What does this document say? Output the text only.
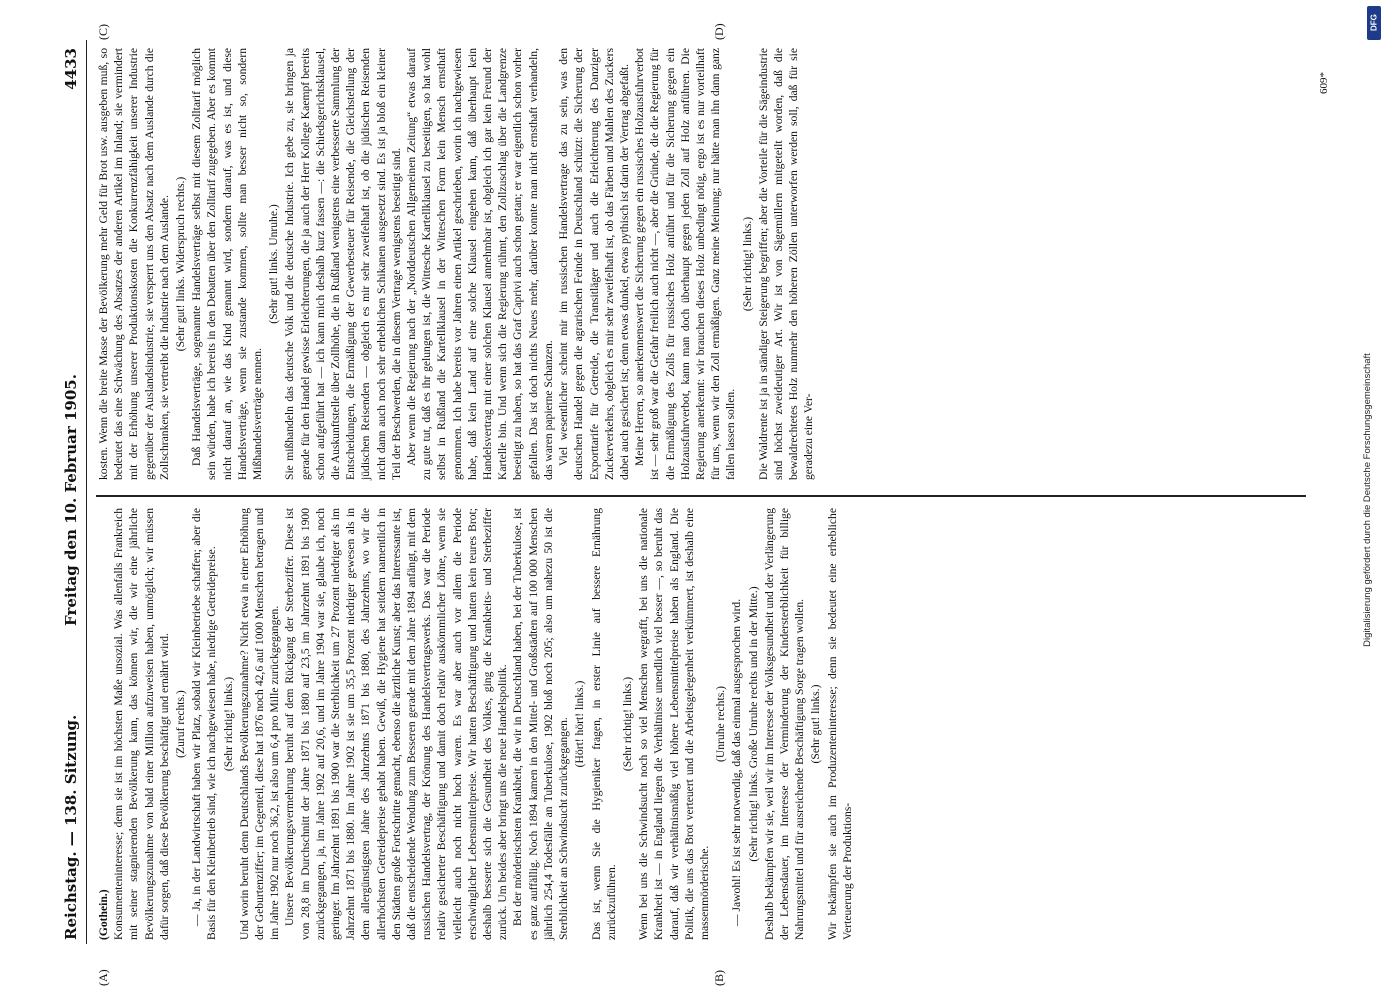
Reichstag. — 138. Sitzung.
Freitag den 10. Februar 1905.
4433
(A)	(B)
(C)	(D)

(Gothein.) Konsumenteninteresse; denn sie ist im höchsten Maße unsozial. Was allenfalls Frankreich mit seiner stagnierenden Bevölkerung kann, das können wir, die wir eine jährliche Bevölkerungszunahme von bald einer Million aufzuweisen haben, unmöglich; wir müssen dafür sorgen, daß diese Bevölkerung beschäftigt und ernährt wird. (Zuruf rechts.) — Ja, in der Landwirtschaft haben wir Platz, sobald wir Kleinbetriebe schaffen; aber die Basis für den Kleinbetrieb sind, wie ich nachgewiesen habe, niedrige Getreidepreise. (Sehr richtig! links.) Und worin beruht denn Deutschlands Bevölkerungszunahme? Nicht etwa in einer Erhöhung der Geburtenziffer; im Gegenteil, diese hat 1876 noch 42,6 auf 1000 Menschen betragen und im Jahre 1902 nur noch 36,2, ist also um 6,4 pro Mille zurückgegangen. Unsere Bevölkerungsvermehrung beruht auf dem Rückgang der Sterbeziffer. Diese ist von 28,8 im Durchschnitt der Jahre 1871 bis 1880 auf 23,5 im Jahrzehnt 1891 bis 1900 zurückgegangen, ja, im Jahre 1902 auf 20,6, und im Jahre 1904 war sie, glaube ich, noch geringer. Im Jahrzehnt 1891 bis 1900 war die Sterblichkeit um 27 Prozent niedriger als im Jahrzehnt 1871 bis 1880. Im Jahre 1902 ist sie um 35,5 Prozent niedriger gewesen als in dem allergünstigsten Jahre des Jahrzehnts 1871 bis 1880, des Jahrzehnts, wo wir die allerhöchsten Getreidepreise gehabt haben. Gewiß, die Hygiene hat seitdem namentlich in den Städten große Fortschritte gemacht, ebenso die ärztliche Kunst; aber das Interessante ist, daß die entscheidende Wendung zum Besseren gerade mit dem Jahre 1894 anfängt, mit dem russischen Handelsvertrag, der Krönung des Handelsvertragswerks. Das war die Periode relativ gesicherter Beschäftigung und damit doch relativ auskömmlicher Löhne, wenn sie vielleicht auch noch nicht hoch waren. Es war aber auch vor allem die Periode erschwinglicher Lebensmittelpreise. Wir hatten Beschäftigung und hatten kein teures Brot; deshalb besserte sich die Gesundheit des Volkes, ging die Krankheits- und Sterbeziffer zurück. Um beides aber bringt uns die neue Handelspolitik. Bei der mörderischsten Krankheit, die wir in Deutschland haben, bei der Tuberkulose, ist es ganz auffällig. Noch 1894 kamen in den Mittel- und Großstädten auf 100 000 Menschen jährlich 254,4 Todesfälle an Tuberkulose, 1902 bloß noch 205; also um nahezu 50 ist die Sterblichkeit an Schwindsucht zurückgegangen. (Hört! hört! links.) Das ist, wenn Sie die Hygieniker fragen, in erster Linie auf bessere Ernährung zurückzuführen.

(Sehr richtig! links.) Wenn bei uns die Schwindsucht noch so viel Menschen wegrafft, bei uns die nationale Krankheit ist — in England liegen die Verhältnisse unendlich viel besser —, so beruht das darauf, daß wir verhältnismäßig viel höhere Lebensmittelpreise haben als England. Die Politik, die uns das Brot verteuert und die Arbeitsgelegenheit verkümmert, ist deshalb eine massenmörderische.

(Unruhe rechts.) — Jawohl! Es ist sehr notwendig, daß das einmal ausgesprochen wird. (Sehr richtig! links. Große Unruhe rechts und in der Mitte.) Deshalb bekämpfen wir sie, weil wir im Interesse der Volksgesundheit und der Verlängerung der Lebensdauer, im Interesse der Verminderung der Kindersterblichkeit für billige Nahrungsmittel und für ausreichende Beschäftigung Sorge tragen wollen. (Sehr gut! links.) Wir bekämpfen sie auch im Produzenteninteresse; denn sie bedeutet eine erhebliche Verteuerung der Produktions-

kosten. Wenn die breite Masse der Bevölkerung mehr Geld für Brot usw. ausgeben muß, so bedeutet das eine Schwächung des Absatzes der anderen Artikel im Inland; sie vermindert mit der Erhöhung unserer Produktionskosten die Konkurrenzfähigkeit unserer Industrie gegenüber der Auslandsindustrie, sie versperrt uns den Absatz nach dem Auslande durch die Zollschranken, sie vertreibt die Industrie nach dem Auslande. (Sehr gut! links. Widerspruch rechts.) Daß Handelsverträge, sogenannte Handelsverträge selbst mit diesem Zolltarif möglich sein würden, habe ich bereits in den Debatten über den Zolltarif zugegeben. Aber es kommt nicht darauf an, wie das Kind genannt wird, sondern darauf, was es ist, und diese Handelsverträge, wenn sie zustande kommen, sollte man besser nicht so, sondern Mißhandelsverträge nennen.

(Sehr gut! links. Unruhe.) Sie mißhandeln das deutsche Volk und die deutsche Industrie. Ich gebe zu, sie bringen ja gerade für den Handel gewisse Erleichterungen, die ja auch der Herr Kollege Kaempf bereits schon aufgeführt hat — ich kann mich deshalb kurz fassen —: die Schiedsgerichtsklausel, die Auskunftstelle über Zollhöhe, die in Rußland wenigstens eine verbesserte Sammlung der Entscheidungen, die Ermäßigung der Gewerbesteuer für Reisende, die Gleichstellung der jüdischen Reisenden — obgleich es mir sehr zweifelhaft ist, ob die jüdischen Reisenden nicht dann auch noch sehr erheblichen Schikanen ausgesetzt sind. Es ist ja bloß ein kleiner Teil der Beschwerden, die in diesem Vertrage wenigstens beseitigt sind. Aber wenn die Regierung nach der „Norddeutschen Allgemeinen Zeitung“ etwas darauf zu gute tut, daß es ihr gelungen ist, die Wittesche Kartellklausel zu beseitigen, so hat wohl selbst in Rußland die Kartellklausel in der Witteschen Form kein Mensch ernsthaft genommen. Ich habe bereits vor Jahren einen Artikel geschrieben, worin ich nachgewiesen habe, daß kein Land auf eine solche Klausel eingehen kann, daß überhaupt kein Handelsvertrag mit einer solchen Klausel annehmbar ist, obgleich ich gar kein Freund der Kartelle bin. Und wenn sich die Regierung rühmt, den Zollzuschlag über die Landgrenze beseitigt zu haben, so hat das Graf Caprivi auch schon getan; er war eigentlich schon vorher gefallen. Das ist doch nichts Neues mehr, darüber konnte man nicht ernsthaft verhandeln, das waren papierne Schanzen. Viel wesentlicher scheint mir im russischen Handelsvertrage das zu sein, was den deutschen Handel gegen die agrarischen Feinde in Deutschland schützt: die Sicherung der Exporttarife für Getreide, die Transitläger und auch die Erleichterung des Danziger Zuckerverkehrs, obgleich es mir sehr zweifelhaft ist, ob das Färben und Mahlen des Zuckers dabei auch gesichert ist; denn etwas dunkel, etwas pythisch ist darin der Vertrag abgefaßt. Meine Herren, so anerkennenswert die Sicherung gegen ein russisches Holzausfuhrverbot ist — sehr groß war die Gefahr freilich auch nicht —, aber die Gründe, die die Regierung für die Ermäßigung des Zolls für russisches Holz anführt und für die Sicherung gegen ein Holzausfuhrverbot, kann man doch überhaupt gegen jeden Zoll auf Holz anführen. Die Regierung anerkennt: wir brauchen dieses Holz unbedingt nötig, ergo ist es nur vorteilhaft für uns, wenn wir den Zoll ermäßigen. Ganz meine Meinung; nur hätte man ihn dann ganz fallen lassen sollen.

(Sehr richtig! links.) Die Waldrente ist ja in ständiger Steigerung begriffen; aber die Vorteile für die Sägeindustrie sind höchst zweideutiger Art. Wir ist von Sägemüllern mitgeteilt worden, daß die bewaldrechtetes Holz nunmehr den höheren Zöllen unterworfen werden soll, daß für sie geradezu eine Ver-

609*
Digitalisierung gefördert durch die Deutsche Forschungsgemeinschaft
DFG
